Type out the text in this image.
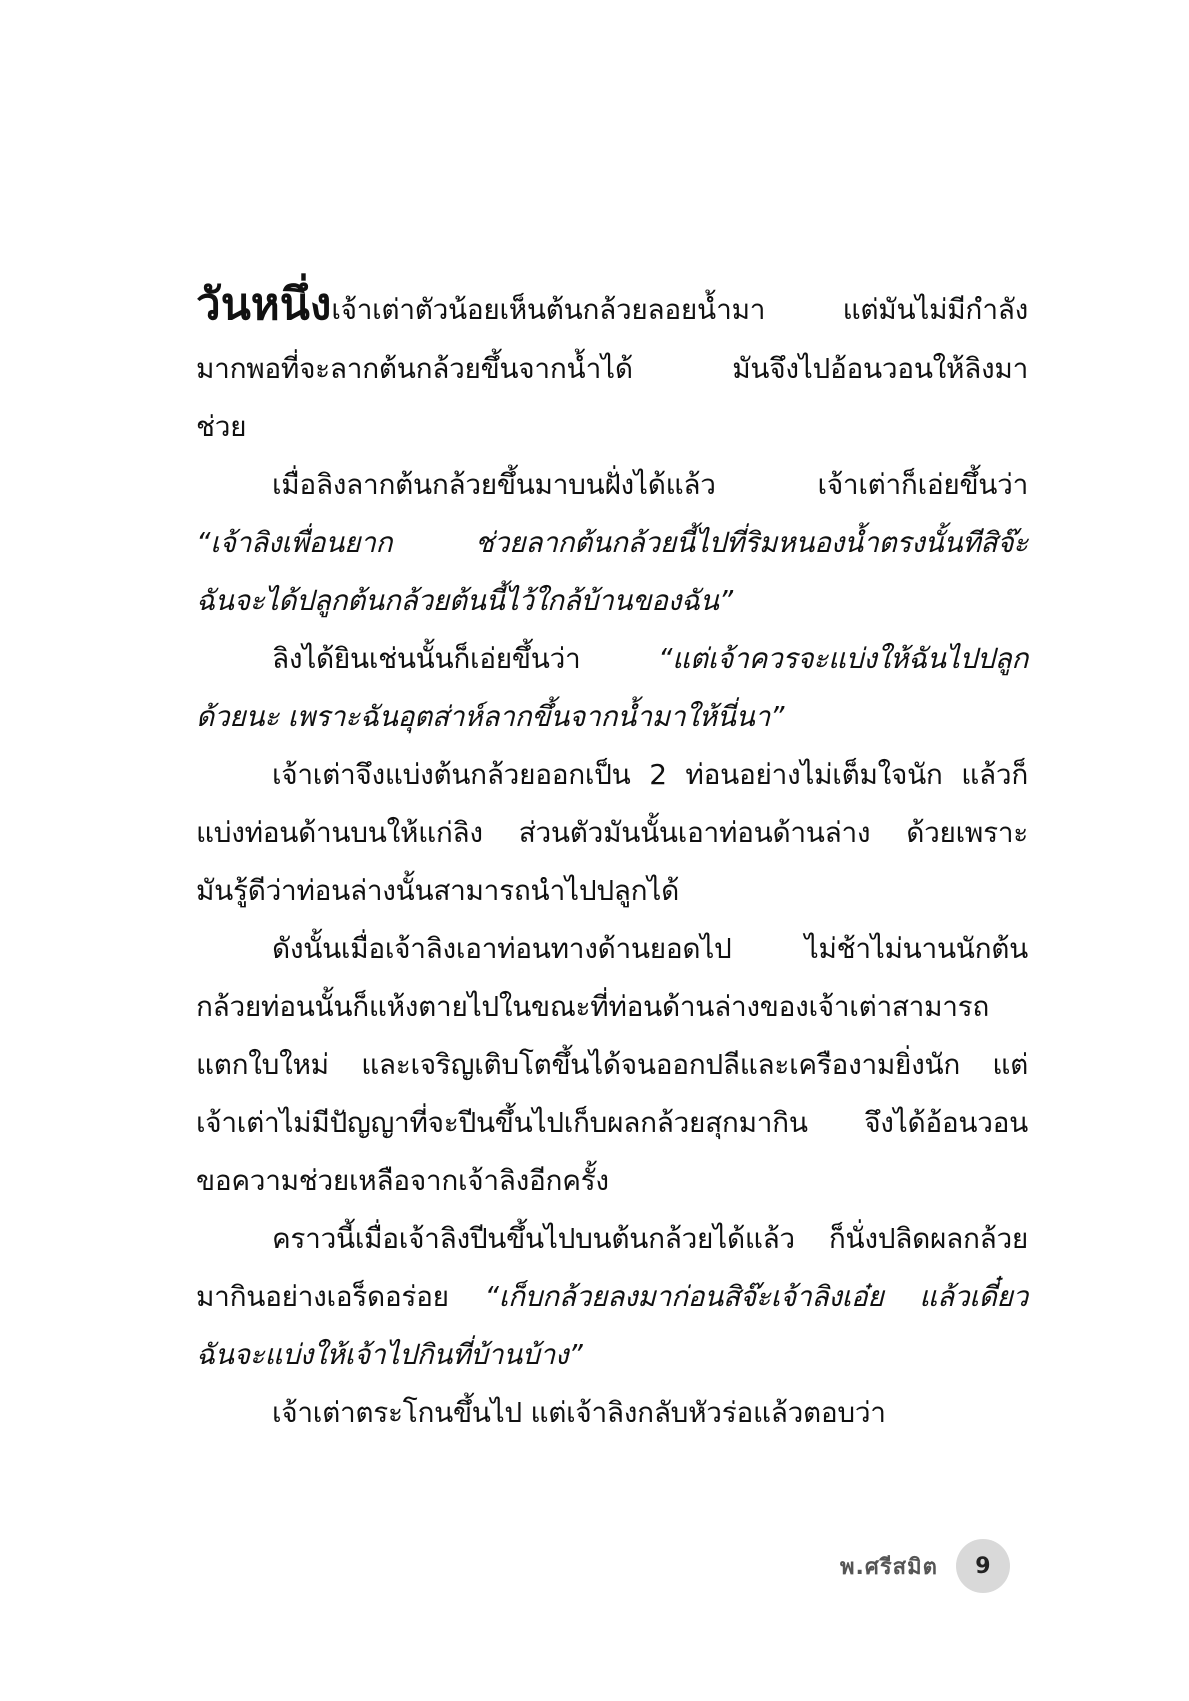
วันหนึ่งเจ้าเต่าตัวน้อยเห็นต้นกล้วยลอยน้ำมา แต่มันไม่มีกำลัง
มากพอที่จะลากต้นกล้วยขึ้นจากน้ำได้ มันจึงไปอ้อนวอนให้ลิงมา
ช่วย
เมื่อลิงลากต้นกล้วยขึ้นมาบนฝั่งได้แล้ว เจ้าเต่าก็เอ่ยขึ้นว่า
“เจ้าลิงเพื่อนยาก ช่วยลากต้นกล้วยนี้ไปที่ริมหนองน้ำตรงนั้นทีสิจ๊ะ
ฉันจะได้ปลูกต้นกล้วยต้นนี้ไว้ใกล้บ้านของฉัน”
ลิงได้ยินเช่นนั้นก็เอ่ยขึ้นว่า “แต่เจ้าควรจะแบ่งให้ฉันไปปลูก
ด้วยนะ เพราะฉันอุตส่าห์ลากขึ้นจากน้ำมาให้นี่นา”
เจ้าเต่าจึงแบ่งต้นกล้วยออกเป็น 2 ท่อนอย่างไม่เต็มใจนัก แล้วก็
แบ่งท่อนด้านบนให้แก่ลิง ส่วนตัวมันนั้นเอาท่อนด้านล่าง ด้วยเพราะ
มันรู้ดีว่าท่อนล่างนั้นสามารถนำไปปลูกได้
ดังนั้นเมื่อเจ้าลิงเอาท่อนทางด้านยอดไป ไม่ช้าไม่นานนักต้น
กล้วยท่อนนั้นก็แห้งตายไปในขณะที่ท่อนด้านล่างของเจ้าเต่าสามารถ
แตกใบใหม่ และเจริญเติบโตขึ้นได้จนออกปลีและเครืองามยิ่งนัก แต่
เจ้าเต่าไม่มีปัญญาที่จะปีนขึ้นไปเก็บผลกล้วยสุกมากิน จึงได้อ้อนวอน
ขอความช่วยเหลือจากเจ้าลิงอีกครั้ง
คราวนี้เมื่อเจ้าลิงปีนขึ้นไปบนต้นกล้วยได้แล้ว ก็นั่งปลิดผลกล้วย
มากินอย่างเอร็ดอร่อย “เก็บกล้วยลงมาก่อนสิจ๊ะเจ้าลิงเอ๋ย แล้วเดี๋ยว
ฉันจะแบ่งให้เจ้าไปกินที่บ้านบ้าง”
เจ้าเต่าตระโกนขึ้นไป แต่เจ้าลิงกลับหัวร่อแล้วตอบว่า
พ.ศรีสมิต	9
